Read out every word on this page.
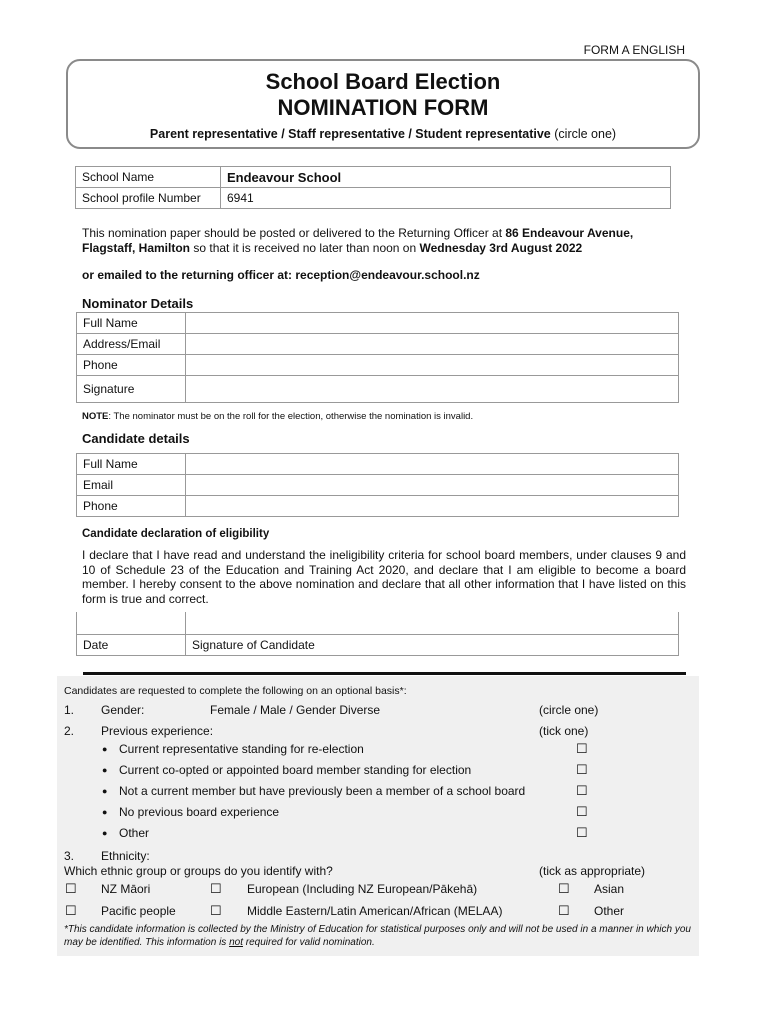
FORM A ENGLISH
School Board Election
NOMINATION FORM
Parent representative / Staff representative / Student representative (circle one)
School Name	Endeavour School
School profile Number	6941
This nomination paper should be posted or delivered to the Returning Officer at 86 Endeavour Avenue, Flagstaff, Hamilton so that it is received no later than noon on Wednesday 3rd August 2022
or emailed to the returning officer at: reception@endeavour.school.nz
Nominator Details
Full Name	
Address/Email	
Phone	
Signature	
NOTE: The nominator must be on the roll for the election, otherwise the nomination is invalid.
Candidate details
Full Name	
Email	
Phone	
Candidate declaration of eligibility
I declare that I have read and understand the ineligibility criteria for school board members, under clauses 9 and 10 of Schedule 23 of the Education and Training Act 2020, and declare that I am eligible to become a board member. I hereby consent to the above nomination and declare that all other information that I have listed on this form is true and correct.

Date	Signature of Candidate
Candidates are requested to complete the following on an optional basis*:
1. Gender:	Female / Male / Gender Diverse	(circle one)
2. Previous experience:	(tick one)
● Current representative standing for re-election	☐
● Current co-opted or appointed board member standing for election	☐
● Not a current member but have previously been a member of a school board	☐
● No previous board experience	☐
● Other	☐
3. Ethnicity:
Which ethnic group or groups do you identify with?	(tick as appropriate)
☐ NZ Māori	☐ European (Including NZ European/Pākehā)	☐ Asian
☐ Pacific people	☐ Middle Eastern/Latin American/African (MELAA)	☐ Other
*This candidate information is collected by the Ministry of Education for statistical purposes only and will not be used in a manner in which you may be identified. This information is not required for valid nomination.
